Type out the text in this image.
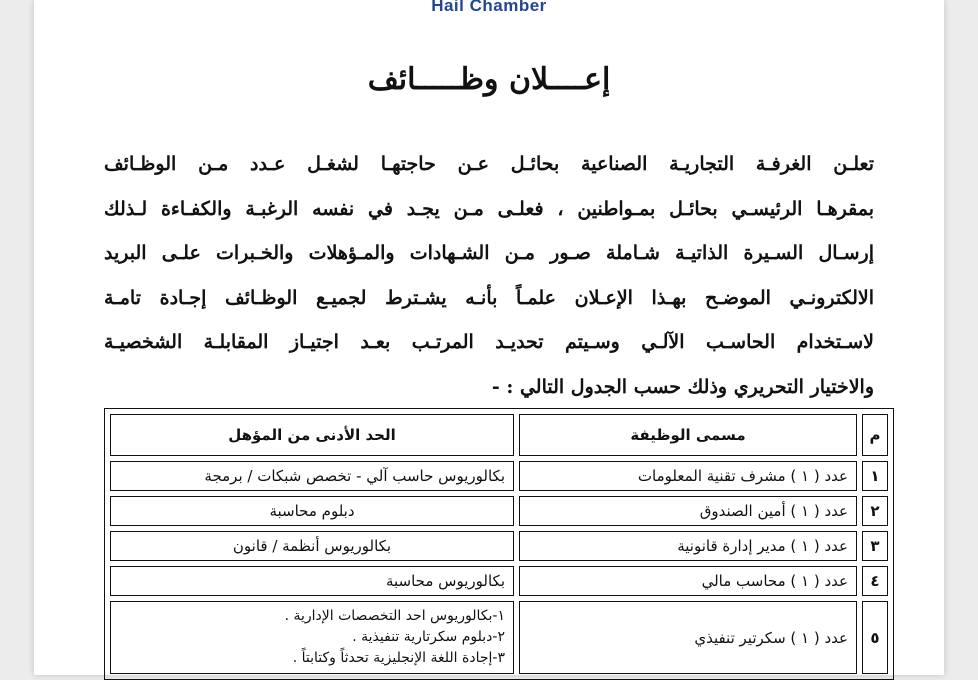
Hail Chamber
إعــــلان وظـــــائف
تعلـن الغرفـة التجاريـة الصناعية بحائـل عـن حاجتهـا لشغـل عـدد مـن الوظـائف
بمقرهـا الرئيسـي بحائـل بمـواطنين ، فعلـى مـن يجـد في نفسه الرغبـة والكفـاءة لـذلك
إرسـال السـيرة الذاتيـة شـاملة صـور مـن الشـهادات والمـؤهلات والخـبرات علـى البريد
الالكترونـي الموضـح بهـذا الإعـلان علمـاً بأنـه يشـترط لجميـع الوظـائف إجـادة تامـة
لاسـتخدام الحاسـب الآلـي وسـيتم تحديـد المرتـب بعـد اجتيـاز المقابلـة الشخصيـة
والاختيار التحريري وذلك حسب الجدول التالي : -
م	مسمى الوظيفة	الحد الأدنى من المؤهل
١	عدد ( ١ ) مشرف تقنية المعلومات	بكالوريوس حاسب آلي - تخصص شبكات / برمجة
٢	عدد ( ١ ) أمين الصندوق	دبلوم محاسبة
٣	عدد ( ١ ) مدير إدارة قانونية	بكالوريوس أنظمة / قانون
٤	عدد ( ١ ) محاسب مالي	بكالوريوس محاسبة
٥	عدد ( ١ ) سكرتير تنفيذي	١-بكالوريوس احد التخصصات الإدارية .
٢-دبلوم سكرتارية تنفيذية .
٣-إجادة اللغة الإنجليزية تحدثاً وكتابتاً .
